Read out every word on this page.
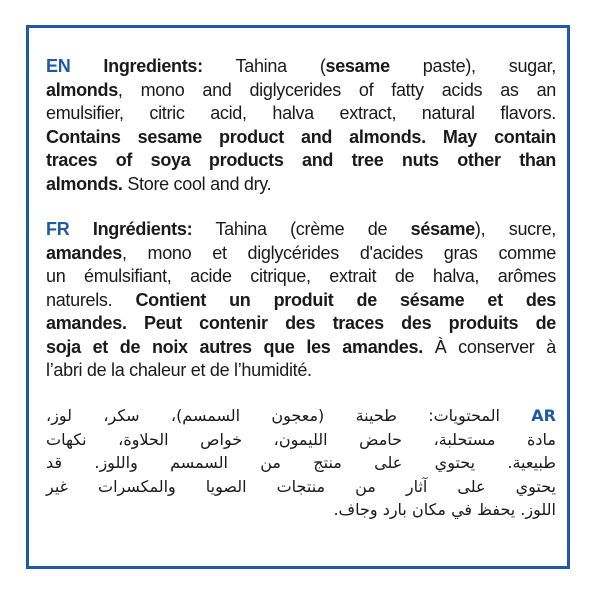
EN Ingredients: Tahina (sesame paste), sugar,
almonds, mono and diglycerides of fatty acids as an
emulsifier, citric acid, halva extract, natural flavors.
Contains sesame product and almonds. May contain
traces of soya products and tree nuts other than
almonds. Store cool and dry.
FR Ingrédients: Tahina (crème de sésame), sucre,
amandes, mono et diglycérides d'acides gras comme
un émulsifiant, acide citrique, extrait de halva, arômes
naturels. Contient un produit de sésame et des
amandes. Peut contenir des traces des produits de
soja et de noix autres que les amandes. À conserver à
l’abri de la chaleur et de l’humidité.
AR المحتويات: طحينة (معجون السمسم)، سكر، لوز،
مادة مستحلبة، حامض الليمون، خواص الحلاوة، نكهات
طبيعية. يحتوي على منتج من السمسم واللوز. قد
يحتوي على آثار من منتجات الصويا والمكسرات غير
اللوز. يحفظ في مكان بارد وجاف.
